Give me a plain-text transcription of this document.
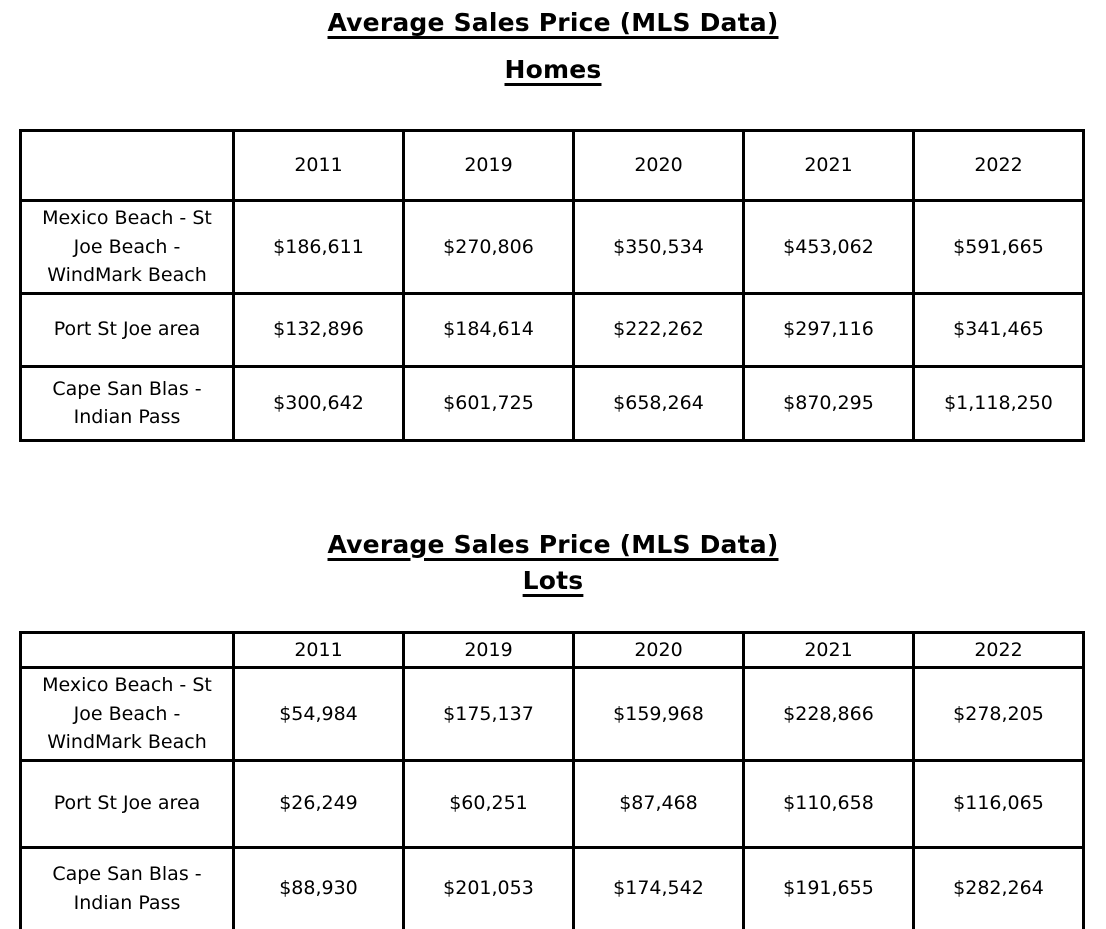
Average Sales Price (MLS Data)
Homes
	2011	2019	2020	2021	2022
Mexico Beach - St Joe Beach - WindMark Beach	$186,611	$270,806	$350,534	$453,062	$591,665
Port St Joe area	$132,896	$184,614	$222,262	$297,116	$341,465
Cape San Blas - Indian Pass	$300,642	$601,725	$658,264	$870,295	$1,118,250
Average Sales Price (MLS Data)
Lots
	2011	2019	2020	2021	2022
Mexico Beach - St Joe Beach - WindMark Beach	$54,984	$175,137	$159,968	$228,866	$278,205
Port St Joe area	$26,249	$60,251	$87,468	$110,658	$116,065
Cape San Blas - Indian Pass	$88,930	$201,053	$174,542	$191,655	$282,264
